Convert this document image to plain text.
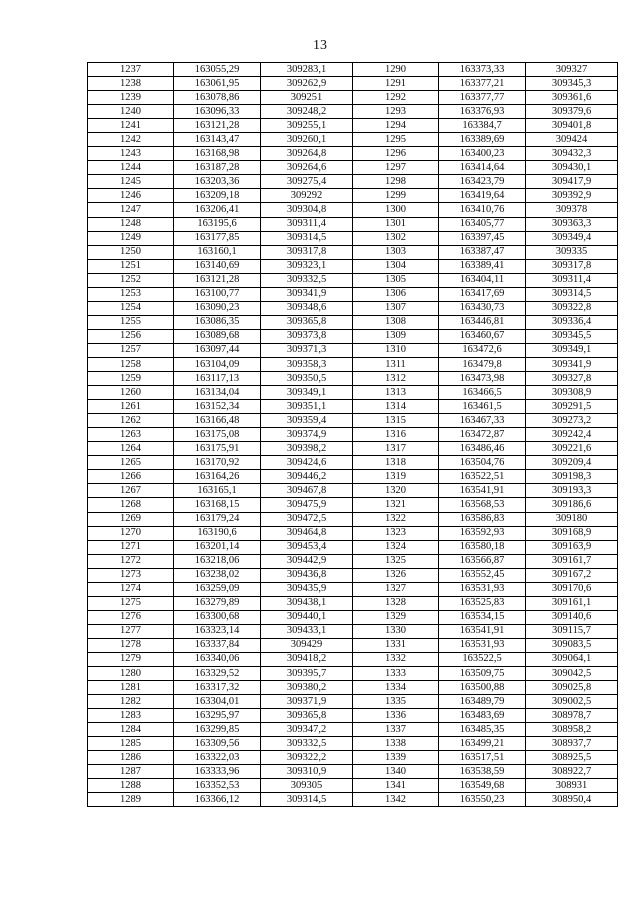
13
1237	163055,29	309283,1	1290	163373,33	309327
1238	163061,95	309262,9	1291	163377,21	309345,3
1239	163078,86	309251	1292	163377,77	309361,6
1240	163096,33	309248,2	1293	163376,93	309379,6
1241	163121,28	309255,1	1294	163384,7	309401,8
1242	163143,47	309260,1	1295	163389,69	309424
1243	163168,98	309264,8	1296	163400,23	309432,3
1244	163187,28	309264,6	1297	163414,64	309430,1
1245	163203,36	309275,4	1298	163423,79	309417,9
1246	163209,18	309292	1299	163419,64	309392,9
1247	163206,41	309304,8	1300	163410,76	309378
1248	163195,6	309311,4	1301	163405,77	309363,3
1249	163177,85	309314,5	1302	163397,45	309349,4
1250	163160,1	309317,8	1303	163387,47	309335
1251	163140,69	309323,1	1304	163389,41	309317,8
1252	163121,28	309332,5	1305	163404,11	309311,4
1253	163100,77	309341,9	1306	163417,69	309314,5
1254	163090,23	309348,6	1307	163430,73	309322,8
1255	163086,35	309365,8	1308	163446,81	309336,4
1256	163089,68	309373,8	1309	163460,67	309345,5
1257	163097,44	309371,3	1310	163472,6	309349,1
1258	163104,09	309358,3	1311	163479,8	309341,9
1259	163117,13	309350,5	1312	163473,98	309327,8
1260	163134,04	309349,1	1313	163466,5	309308,9
1261	163152,34	309351,1	1314	163461,5	309291,5
1262	163166,48	309359,4	1315	163467,33	309273,2
1263	163175,08	309374,9	1316	163472,87	309242,4
1264	163175,91	309398,2	1317	163486,46	309221,6
1265	163170,92	309424,6	1318	163504,76	309209,4
1266	163164,26	309446,2	1319	163522,51	309198,3
1267	163165,1	309467,8	1320	163541,91	309193,3
1268	163168,15	309475,9	1321	163568,53	309186,6
1269	163179,24	309472,5	1322	163586,83	309180
1270	163190,6	309464,8	1323	163592,93	309168,9
1271	163201,14	309453,4	1324	163580,18	309163,9
1272	163218,06	309442,9	1325	163566,87	309161,7
1273	163238,02	309436,8	1326	163552,45	309167,2
1274	163259,09	309435,9	1327	163531,93	309170,6
1275	163279,89	309438,1	1328	163525,83	309161,1
1276	163300,68	309440,1	1329	163534,15	309140,6
1277	163323,14	309433,1	1330	163541,91	309115,7
1278	163337,84	309429	1331	163531,93	309083,5
1279	163340,06	309418,2	1332	163522,5	309064,1
1280	163329,52	309395,7	1333	163509,75	309042,5
1281	163317,32	309380,2	1334	163500,88	309025,8
1282	163304,01	309371,9	1335	163489,79	309002,5
1283	163295,97	309365,8	1336	163483,69	308978,7
1284	163299,85	309347,2	1337	163485,35	308958,2
1285	163309,56	309332,5	1338	163499,21	308937,7
1286	163322,03	309322,2	1339	163517,51	308925,5
1287	163333,96	309310,9	1340	163538,59	308922,7
1288	163352,53	309305	1341	163549,68	308931
1289	163366,12	309314,5	1342	163550,23	308950,4
